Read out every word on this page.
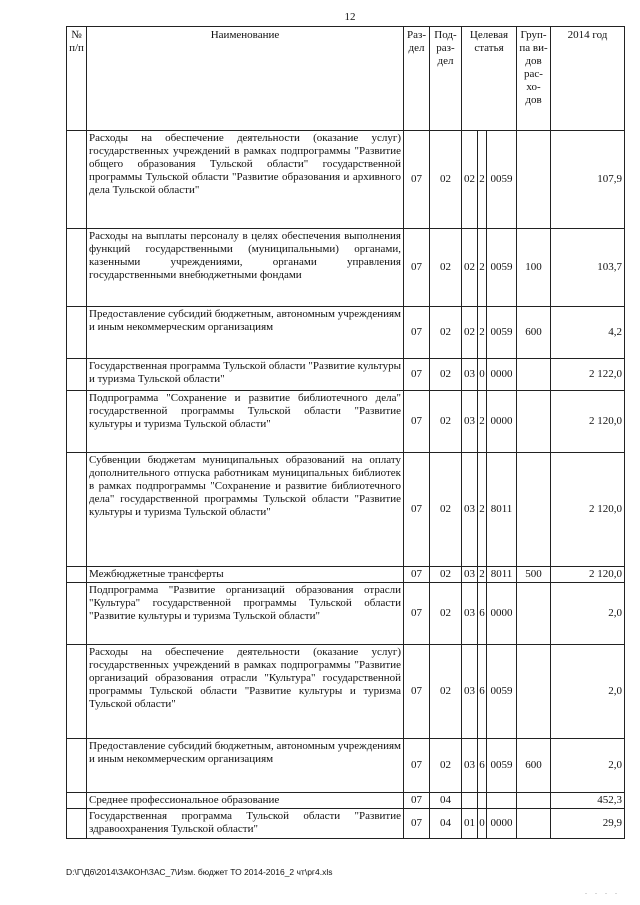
12
№ п/п	Наименование	Раз- дел	Под- раз- дел	Целевая статья			Груп- па ви- дов рас- хо- дов	2014 год
	Расходы на обеспечение деятельности (оказание услуг) государственных учреждений в рамках подпрограммы "Развитие общего образования Тульской области" государственной программы Тульской области "Развитие образования и архивного дела Тульской области"	07	02	02	2	0059		107,9
	Расходы на выплаты персоналу в целях обеспечения выполнения функций государственными (муниципальными) органами, казенными учреждениями, органами управления государственными внебюджетными фондами	07	02	02	2	0059	100	103,7
	Предоставление субсидий бюджетным, автономным учреждениям и иным некоммерческим организациям	07	02	02	2	0059	600	4,2
	Государственная программа Тульской области "Развитие культуры и туризма Тульской области"	07	02	03	0	0000		2 122,0
	Подпрограмма "Сохранение и развитие библиотечного дела" государственной программы Тульской области "Развитие культуры и туризма Тульской области"	07	02	03	2	0000		2 120,0
	Субвенции бюджетам муниципальных образований на оплату дополнительного отпуска работникам муниципальных библиотек в рамках подпрограммы "Сохранение и развитие библиотечного дела" государственной программы Тульской области "Развитие культуры и туризма Тульской области"	07	02	03	2	8011		2 120,0
	Межбюджетные трансферты	07	02	03	2	8011	500	2 120,0
	Подпрограмма "Развитие организаций образования отрасли "Культура" государственной программы Тульской области "Развитие культуры и туризма Тульской области"	07	02	03	6	0000		2,0
	Расходы на обеспечение деятельности (оказание услуг) государственных учреждений в рамках подпрограммы "Развитие организаций образования отрасли "Культура" государственной программы Тульской области "Развитие культуры и туризма Тульской области"	07	02	03	6	0059		2,0
	Предоставление субсидий бюджетным, автономным учреждениям и иным некоммерческим организациям	07	02	03	6	0059	600	2,0
	Среднее профессиональное образование	07	04					452,3
	Государственная программа Тульской области "Развитие здравоохранения Тульской области"	07	04	01	0	0000		29,9
D:\Г\Д6\2014\ЗАКОН\ЗАС_7\Изм. бюджет ТО 2014-2016_2 чт\рг4.xls
. . . .
